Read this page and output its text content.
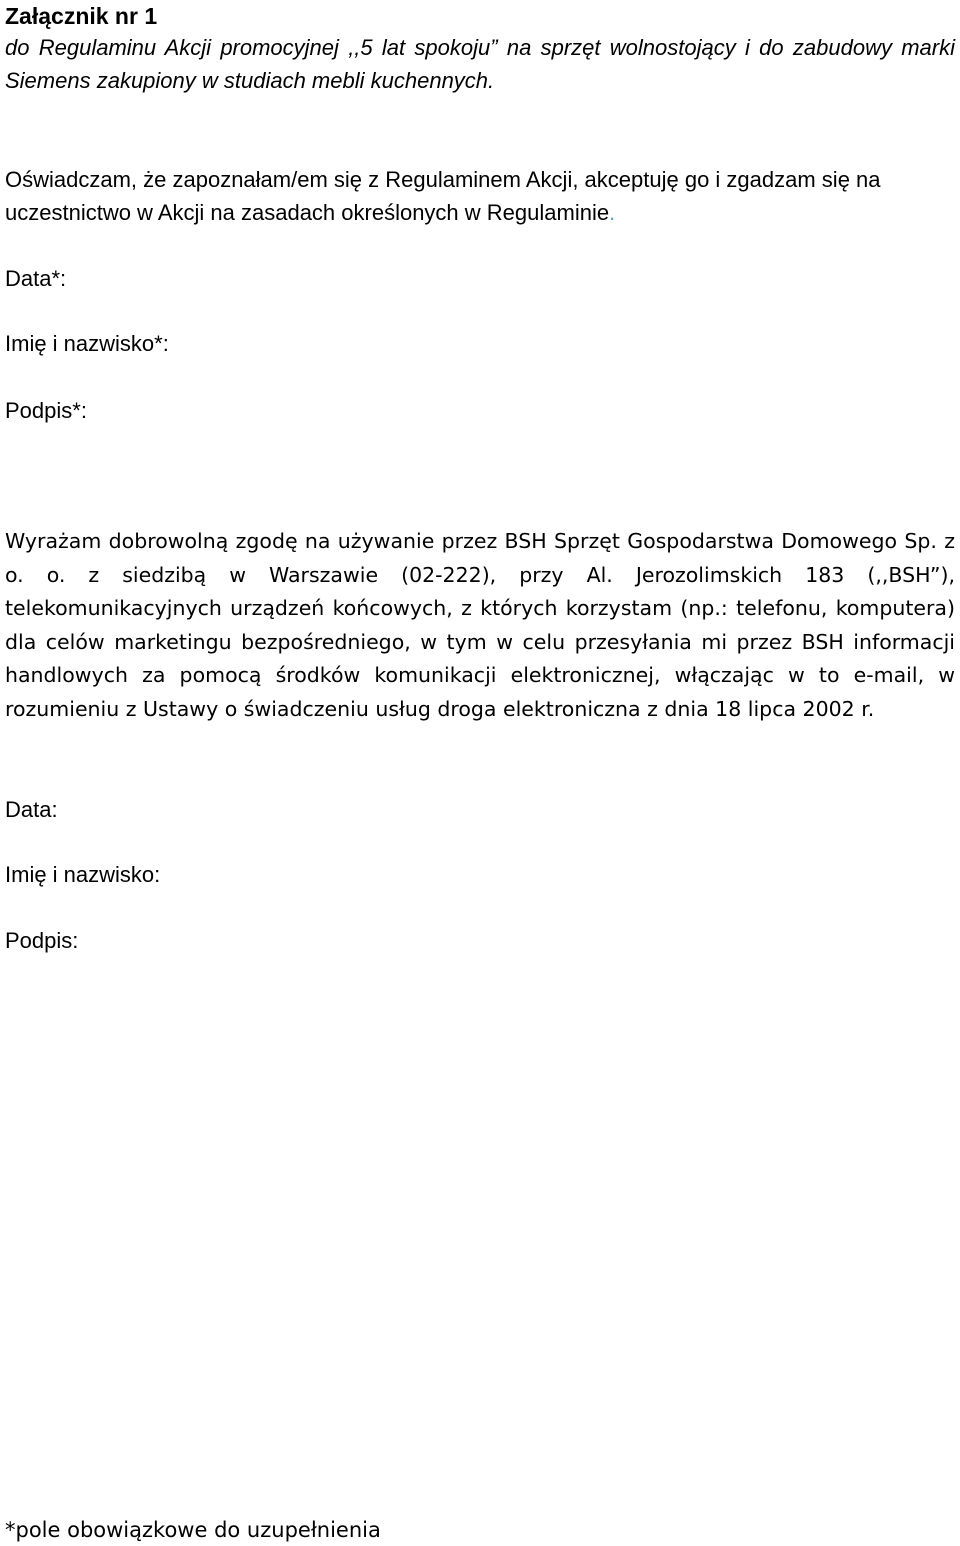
Załącznik nr 1
do Regulaminu Akcji promocyjnej ,,5 lat spokoju” na sprzęt wolnostojący i do zabudowy marki Siemens zakupiony w studiach mebli kuchennych.
Oświadczam, że zapoznałam/em się z Regulaminem Akcji, akceptuję go i zgadzam się na uczestnictwo w Akcji na zasadach określonych w Regulaminie.
Data*:
Imię i nazwisko*:
Podpis*:
Wyrażam dobrowolną zgodę na używanie przez BSH Sprzęt Gospodarstwa Domowego Sp. z o. o. z siedzibą w Warszawie (02-222), przy Al. Jerozolimskich 183 (,,BSH”), telekomunikacyjnych urządzeń końcowych, z których korzystam (np.: telefonu, komputera) dla celów marketingu bezpośredniego, w tym w celu przesyłania mi przez BSH informacji handlowych za pomocą środków komunikacji elektronicznej, włączając w to e-mail, w rozumieniu z Ustawy o świadczeniu usług droga elektroniczna z dnia 18 lipca 2002 r.
Data:
Imię i nazwisko:
Podpis:
*pole obowiązkowe do uzupełnienia
